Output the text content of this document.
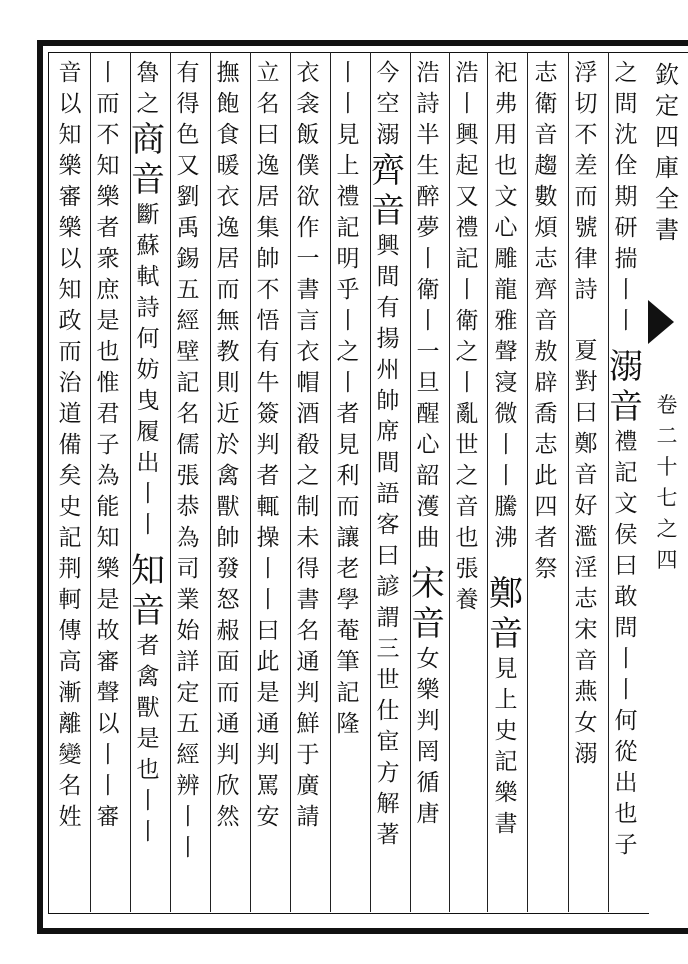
欽
定
四
庫
全
書
卷
二
十
七
之
四
之
問
沈
佺
期
研
揣
丨
丨
溺
音
禮
記
文
侯
曰
敢
問
丨
丨
何
從
出
也
子
浮
切
不
差
而
號
律
詩
夏
對
曰
鄭
音
好
濫
淫
志
宋
音
燕
女
溺
志
衛
音
趨
數
煩
志
齊
音
敖
辟
喬
志
此
四
者
祭
祀
弗
用
也
文
心
雕
龍
雅
聲
寖
微
丨
丨
騰
沸
鄭
音
見
上
史
記
樂
書
浩
丨
興
起
又
禮
記
丨
衛
之
丨
亂
世
之
音
也
張
養
浩
詩
半
生
醉
夢
丨
衛
丨
一
旦
醒
心
韶
濩
曲
宋
音
女
樂
判
罔
循
唐
今
空
溺
齊
音
興
間
有
揚
州
帥
席
間
語
客
曰
諺
謂
三
世
仕
宦
方
解
著
丨
丨
見
上
禮
記
明
乎
丨
之
丨
者
見
利
而
讓
老
學
菴
筆
記
隆
衣
衾
飯
僕
欲
作
一
書
言
衣
帽
酒
殽
之
制
未
得
書
名
通
判
鮮
于
廣
請
立
名
曰
逸
居
集
帥
不
悟
有
牛
簽
判
者
輒
操
丨
丨
曰
此
是
通
判
罵
安
撫
飽
食
暖
衣
逸
居
而
無
教
則
近
於
禽
獸
帥
發
怒
赧
面
而
通
判
欣
然
有
得
色
又
劉
禹
錫
五
經
壁
記
名
儒
張
恭
為
司
業
始
詳
定
五
經
辨
丨
丨
魯
之
商
音
斷
蘇
軾
詩
何
妨
曳
履
出
丨
丨
知
音
者
禽
獸
是
也
丨
丨
丨
而
不
知
樂
者
衆
庶
是
也
惟
君
子
為
能
知
樂
是
故
審
聲
以
丨
丨
審
音
以
知
樂
審
樂
以
知
政
而
治
道
備
矣
史
記
荆
軻
傳
高
漸
離
變
名
姓
